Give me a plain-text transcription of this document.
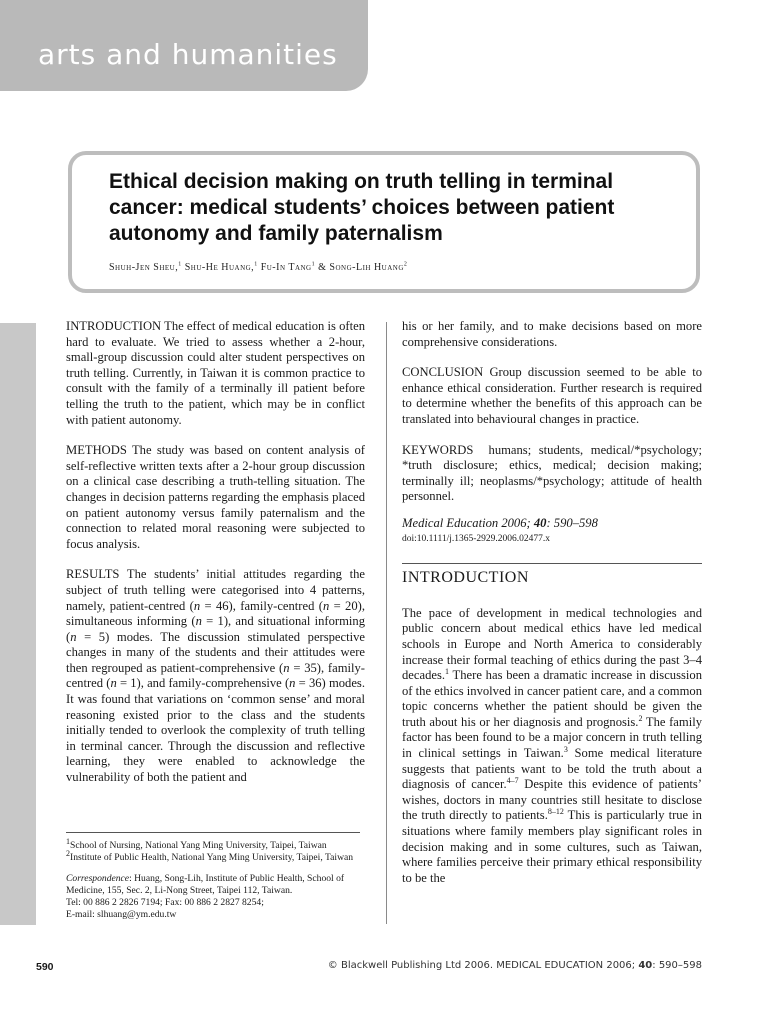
arts and humanities
Ethical decision making on truth telling in terminal cancer: medical students’ choices between patient autonomy and family paternalism
Shuh-Jen Sheu,$^1$ Shu-He Huang,$^1$ Fu-In Tang$^1$ & Song-Lih Huang$^2$

INTRODUCTION The effect of medical education is often hard to evaluate. We tried to assess whether a 2-hour, small-group discussion could alter student perspectives on truth telling. Currently, in Taiwan it is common practice to consult with the family of a terminally ill patient before telling the truth to the patient, which may be in conflict with patient autonomy.

METHODS The study was based on content analysis of self-reflective written texts after a 2-hour group discussion on a clinical case describing a truth-telling situation. The changes in decision patterns regarding the emphasis placed on patient autonomy versus family paternalism and the connection to related moral reasoning were subjected to focus analysis.

RESULTS The students’ initial attitudes regarding the subject of truth telling were categorised into 4 patterns, namely, patient-centred (n = 46), family-centred (n = 20), simultaneous informing (n = 1), and situational informing (n = 5) modes. The discussion stimulated perspective changes in many of the students and their attitudes were then regrouped as patient-comprehensive (n = 35), family-centred (n = 1), and family-comprehensive (n = 36) modes. It was found that variations on ‘common sense’ and moral reasoning existed prior to the class and the students initially tended to overlook the complexity of truth telling in terminal cancer. Through the discussion and reflective learning, they were enabled to acknowledge the vulnerability of both the patient and

his or her family, and to make decisions based on more comprehensive considerations.

CONCLUSION Group discussion seemed to be able to enhance ethical consideration. Further research is required to determine whether the benefits of this approach can be translated into behavioural changes in practice.

KEYWORDS humans; students, medical/*psychology; *truth disclosure; ethics, medical; decision making; terminally ill; neoplasms/*psychology; attitude of health personnel.

Medical Education 2006; 40: 590–598
doi:10.1111/j.1365-2929.2006.02477.x
INTRODUCTION

The pace of development in medical technologies and public concern about medical ethics have led medical schools in Europe and North America to considerably increase their formal teaching of ethics during the past 3–4 decades.$^1$ There has been a dramatic increase in discussion of the ethics involved in cancer patient care, and a common topic concerns whether the patient should be given the truth about his or her diagnosis and prognosis.$^2$ The family factor has been found to be a major concern in truth telling in clinical settings in Taiwan.$^3$ Some medical literature suggests that patients want to be told the truth about a diagnosis of cancer.$^{4-7}$ Despite this evidence of patients’ wishes, doctors in many countries still hesitate to disclose the truth directly to patients.$^{8-12}$ This is particularly true in situations where family members play significant roles in decision making and in some cultures, such as Taiwan, where families perceive their primary ethical responsibility to be the

$^1$School of Nursing, National Yang Ming University, Taipei, Taiwan
$^2$Institute of Public Health, National Yang Ming University, Taipei, Taiwan
Correspondence: Huang, Song-Lih, Institute of Public Health, School of Medicine, 155, Sec. 2, Li-Nong Street, Taipei 112, Taiwan.
Tel: 00 886 2 2826 7194; Fax: 00 886 2 2827 8254;
E-mail: slhuang@ym.edu.tw
590	© Blackwell Publishing Ltd 2006. MEDICAL EDUCATION 2006; 40: 590–598
